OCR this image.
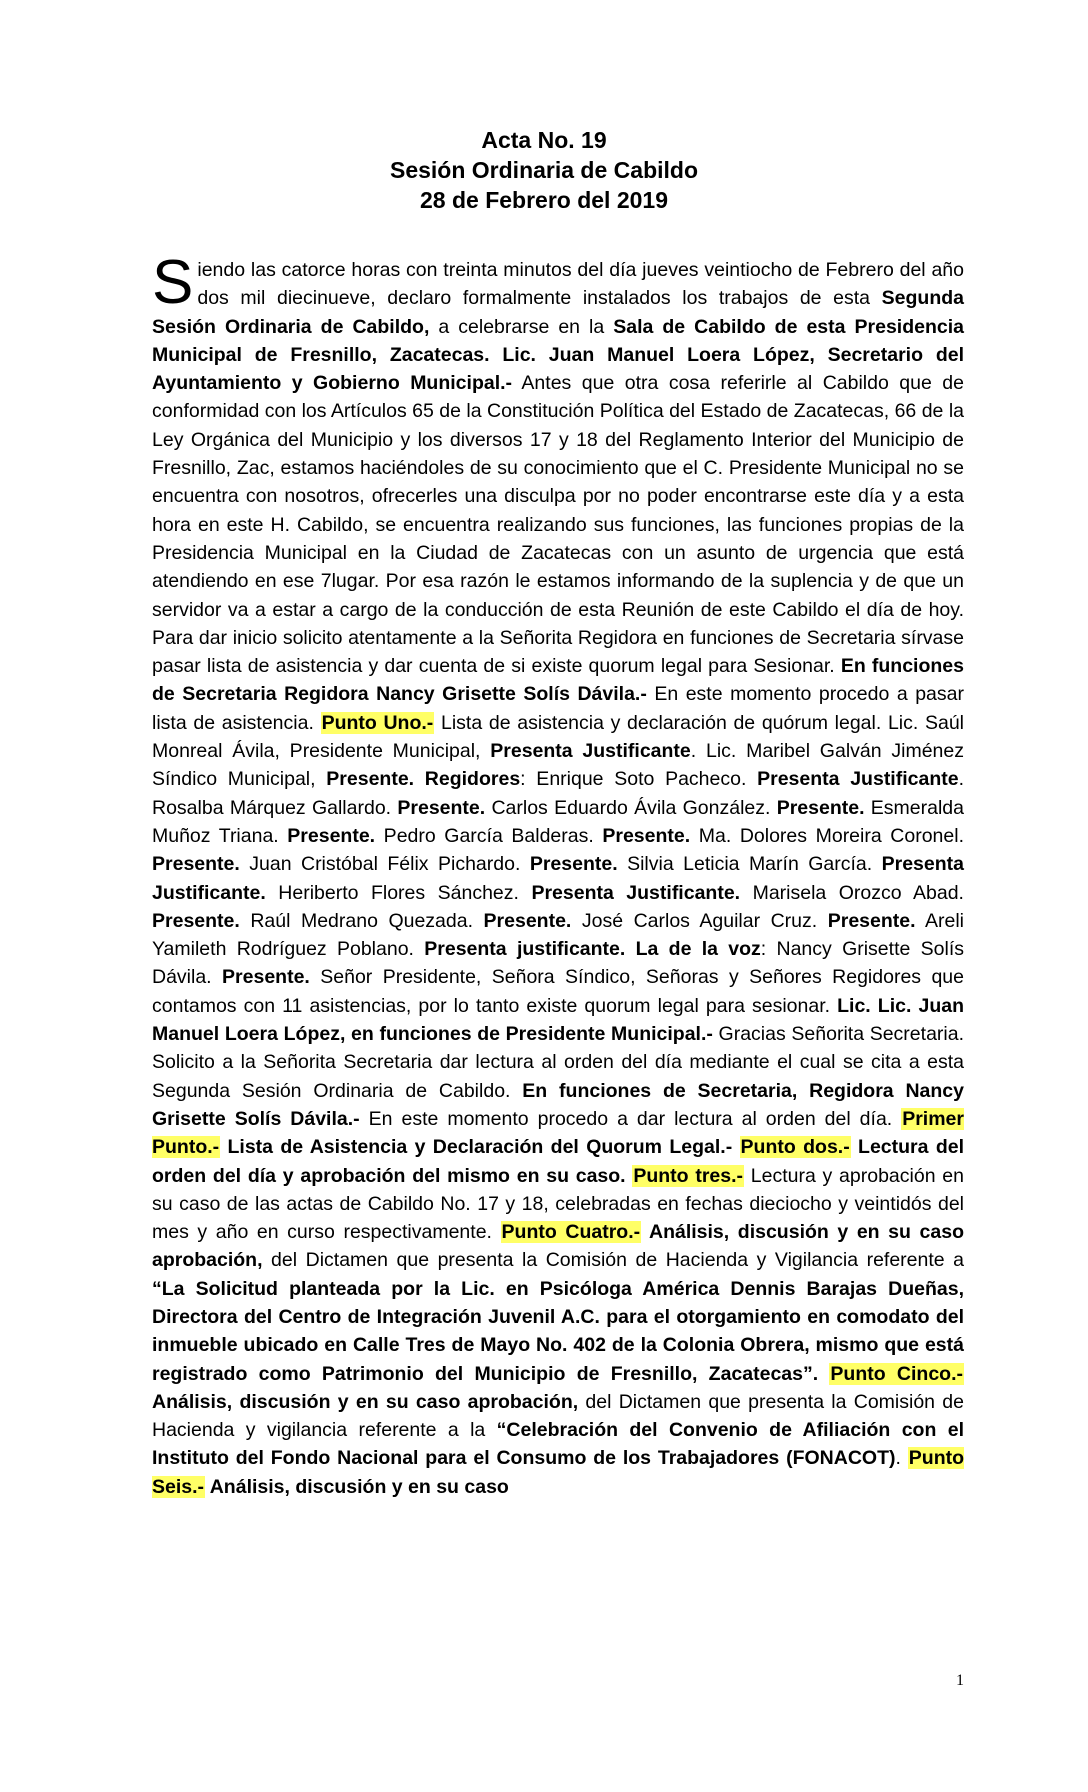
Acta No. 19
Sesión Ordinaria de Cabildo
28 de Febrero del 2019

Siendo las catorce horas con treinta minutos del día jueves veintiocho de Febrero del año dos mil diecinueve, declaro formalmente instalados los trabajos de esta Segunda Sesión Ordinaria de Cabildo, a celebrarse en la Sala de Cabildo de esta Presidencia Municipal de Fresnillo, Zacatecas. Lic. Juan Manuel Loera López, Secretario del Ayuntamiento y Gobierno Municipal.- Antes que otra cosa referirle al Cabildo que de conformidad con los Artículos 65 de la Constitución Política del Estado de Zacatecas, 66 de la Ley Orgánica del Municipio y los diversos 17 y 18 del Reglamento Interior del Municipio de Fresnillo, Zac, estamos haciéndoles de su conocimiento que el C. Presidente Municipal no se encuentra con nosotros, ofrecerles una disculpa por no poder encontrarse este día y a esta hora en este H. Cabildo, se encuentra realizando sus funciones, las funciones propias de la Presidencia Municipal en la Ciudad de Zacatecas con un asunto de urgencia que está atendiendo en ese 7lugar. Por esa razón le estamos informando de la suplencia y de que un servidor va a estar a cargo de la conducción de esta Reunión de este Cabildo el día de hoy. Para dar inicio solicito atentamente a la Señorita Regidora en funciones de Secretaria sírvase pasar lista de asistencia y dar cuenta de si existe quorum legal para Sesionar. En funciones de Secretaria Regidora Nancy Grisette Solís Dávila.- En este momento procedo a pasar lista de asistencia. Punto Uno.- Lista de asistencia y declaración de quórum legal. Lic. Saúl Monreal Ávila, Presidente Municipal, Presenta Justificante. Lic. Maribel Galván Jiménez Síndico Municipal, Presente. Regidores: Enrique Soto Pacheco. Presenta Justificante. Rosalba Márquez Gallardo. Presente. Carlos Eduardo Ávila González. Presente. Esmeralda Muñoz Triana. Presente. Pedro García Balderas. Presente. Ma. Dolores Moreira Coronel. Presente. Juan Cristóbal Félix Pichardo. Presente. Silvia Leticia Marín García. Presenta Justificante. Heriberto Flores Sánchez. Presenta Justificante. Marisela Orozco Abad. Presente. Raúl Medrano Quezada. Presente. José Carlos Aguilar Cruz. Presente. Areli Yamileth Rodríguez Poblano. Presenta justificante. La de la voz: Nancy Grisette Solís Dávila. Presente. Señor Presidente, Señora Síndico, Señoras y Señores Regidores que contamos con 11 asistencias, por lo tanto existe quorum legal para sesionar. Lic. Lic. Juan Manuel Loera López, en funciones de Presidente Municipal.- Gracias Señorita Secretaria. Solicito a la Señorita Secretaria dar lectura al orden del día mediante el cual se cita a esta Segunda Sesión Ordinaria de Cabildo. En funciones de Secretaria, Regidora Nancy Grisette Solís Dávila.- En este momento procedo a dar lectura al orden del día. Primer Punto.- Lista de Asistencia y Declaración del Quorum Legal.- Punto dos.- Lectura del orden del día y aprobación del mismo en su caso. Punto tres.- Lectura y aprobación en su caso de las actas de Cabildo No. 17 y 18, celebradas en fechas dieciocho y veintidós del mes y año en curso respectivamente. Punto Cuatro.- Análisis, discusión y en su caso aprobación, del Dictamen que presenta la Comisión de Hacienda y Vigilancia referente a “La Solicitud planteada por la Lic. en Psicóloga América Dennis Barajas Dueñas, Directora del Centro de Integración Juvenil A.C. para el otorgamiento en comodato del inmueble ubicado en Calle Tres de Mayo No. 402 de la Colonia Obrera, mismo que está registrado como Patrimonio del Municipio de Fresnillo, Zacatecas”. Punto Cinco.- Análisis, discusión y en su caso aprobación, del Dictamen que presenta la Comisión de Hacienda y vigilancia referente a la “Celebración del Convenio de Afiliación con el Instituto del Fondo Nacional para el Consumo de los Trabajadores (FONACOT). Punto Seis.- Análisis, discusión y en su caso

1
